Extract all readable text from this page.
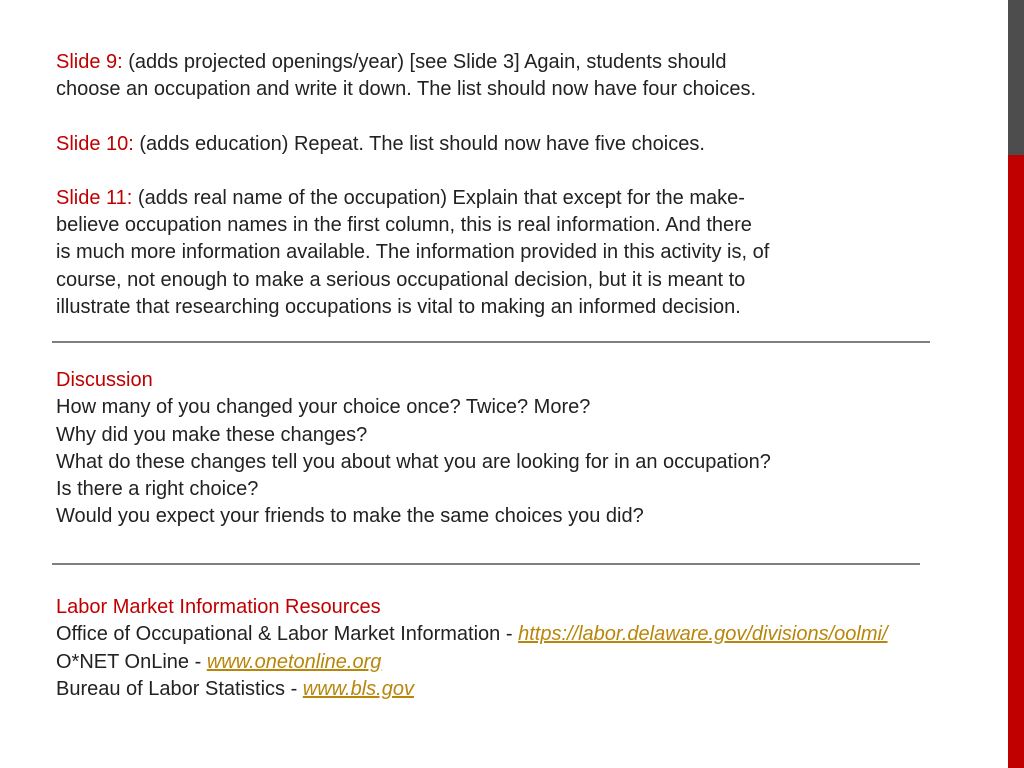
Slide 9: (adds projected openings/year) [see Slide 3] Again, students should
choose an occupation and write it down. The list should now have four choices.

Slide 10: (adds education) Repeat. The list should now have five choices.

Slide 11: (adds real name of the occupation) Explain that except for the make-
believe occupation names in the first column, this is real information. And there
is much more information available. The information provided in this activity is, of
course, not enough to make a serious occupational decision, but it is meant to
illustrate that researching occupations is vital to making an informed decision.

Discussion
How many of you changed your choice once? Twice? More?
Why did you make these changes?
What do these changes tell you about what you are looking for in an occupation?
Is there a right choice?
Would you expect your friends to make the same choices you did?
Labor Market Information Resources
Office of Occupational & Labor Market Information - https://labor.delaware.gov/divisions/oolmi/
O*NET OnLine - www.onetonline.org
Bureau of Labor Statistics - www.bls.gov
